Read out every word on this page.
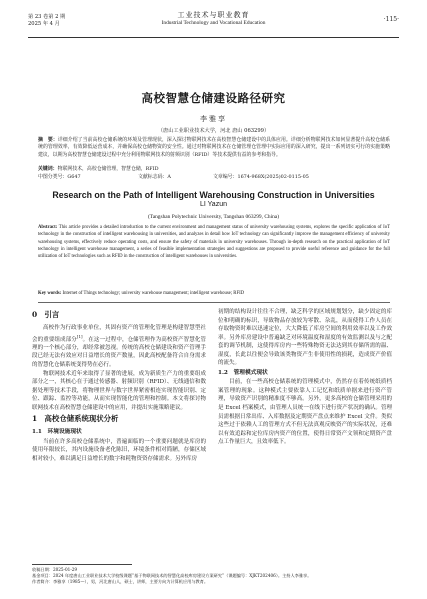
第 23 卷第 2 期
2025 年 4 月
工业技术与职业教育
Industrial Technology and Vocational Education	·115·
高校智慧仓储建设路径研究
李雅享
（唐山工业职业技术大学，河北 唐山 063299）
摘　要：详细介绍了当前高校仓储系统的环境及管理现状，深入探讨物联网技术在高校智慧仓储建设中的具体应用。详细分析物联网技术如何显著提升高校仓储系统的管理效率，有效降低运营成本，并确保高校仓储物资的安全性。通过对物联网技术在仓储管理仓管理中实际应用的深入研究，提出一系列切实可行的实施策略建议，以期为高校智慧仓储建设过程中充分利用物联网技术的射频识别（RFID）等技术提供有益的参考和指导。
关键词：物联网技术，高校仓储管理，智慧仓储，RFID
中图分类号：G647	文献标志码：A	文章编号：1674-968X(2025)02-0115-05
Research on the Path of Intelligent Warehousing Construction in Universities
LI Yazun
(Tangshan Polytechnic University, Tangshan 063299, China)
Abstract: This article provides a detailed introduction to the current environment and management status of university warehousing systems, explores the specific application of IoT technology in the construction of intelligent warehousing in universities, and analyzes in detail how IoT technology can significantly improve the management efficiency of university warehousing systems, effectively reduce operating costs, and ensure the safety of materials in university warehouses. Through in-depth research on the practical application of IoT technology in intelligent warehouse management, a series of feasible implementation strategies and suggestions are proposed to provide useful reference and guidance for the full utilization of IoT technologies such as RFID in the construction of intelligent warehouses in universities.
Key words: Internet of Things technology; university warehouse management; intelligent warehouse; RFID
0　引言

高校作为行政事业单位，其固有资产的管理化管理是构建智慧型社会的重要组成部分[1]。在这一过程中，仓储管理作为高校资产智慧化管理的一个核心部分，却经常被忽视。传统的高校仓储建设和资产管理手段已经无法有效应对日益增长的资产数量，因此高校配备符合自身需求的智慧化仓储系统变得势在必行。

物联网技术近年来取得了显著的进展，成为新质生产力的重要组成部分之一，其核心在于通过传感器、射频识别（RFID）、无线通信和数据处理等技术手段，将物理世界与数字世界紧密相连实现智能识别、定位、跟踪、监控等功能，从而实现智能化的管理和控制。本文将探讨物联网技术在高校智慧仓储建设中的应用，并提出实施策略建议。

1　高校仓储系统现状分析
1.1　环境设施现状

当前在许多高校仓储系统中，普遍面临的一个重要问题就是库房的使用年限较长，其内设施设备老化陈旧，环境条件相对简陋，存储区域相对较小，难以满足日益增长的数字和耗物资资存储需求。另外库房

初期的结构设计往往不合理，缺乏科学的区域规划划分，缺少固定的库位和明确的标识，导致物品存放较为零散、杂乱，从而使得工作人员在存取物资时难以迅速定位，大大降低了库房空间的利用效率以及工作效率。另外库房建设中普遍缺乏对环境温度和湿度的有效监测以及与之配套的调节机制，这使得库房内一些特殊物资无法达到其存储所需的温、湿度，长此以往便会导致该类物资产生非使用性的损耗，造成资产价值的流失。

1.2　管理模式现状

目前，在一些高校仓储系统的管理模式中，仍然存在着传统纸质档案管理的现象。这种模式主要依靠人工记忆和纸质单据来进行资产管理，导致资产识别的精准度不够高。另外，更多高校的仓储管理采用的是 Excel 档案模式，由管理人员统一在线下进行资产状况的确认。管理员需根据日常出库、入库数据及定期资产盘点来维护 Excel 文件。类似这些过于依赖人工的管理方式不但无法真观反映资产的实际状况，还难以有效追踪和定位库房内资产的位置，使得日常资产文领和定期资产盘点工作量巨大，且效率低下。

收稿日期：2025-01-29
基金项目：2024 年度唐山工业职业技术大学校级课题“基于物联网技术的智慧化高校库房建设方案研究”（课题编号：XJKT202406）。主持人李雅享。
作者简介：李雅享（1985—），男，河北唐山人，硕士，讲师，主要方向为计算机应用与教育。
